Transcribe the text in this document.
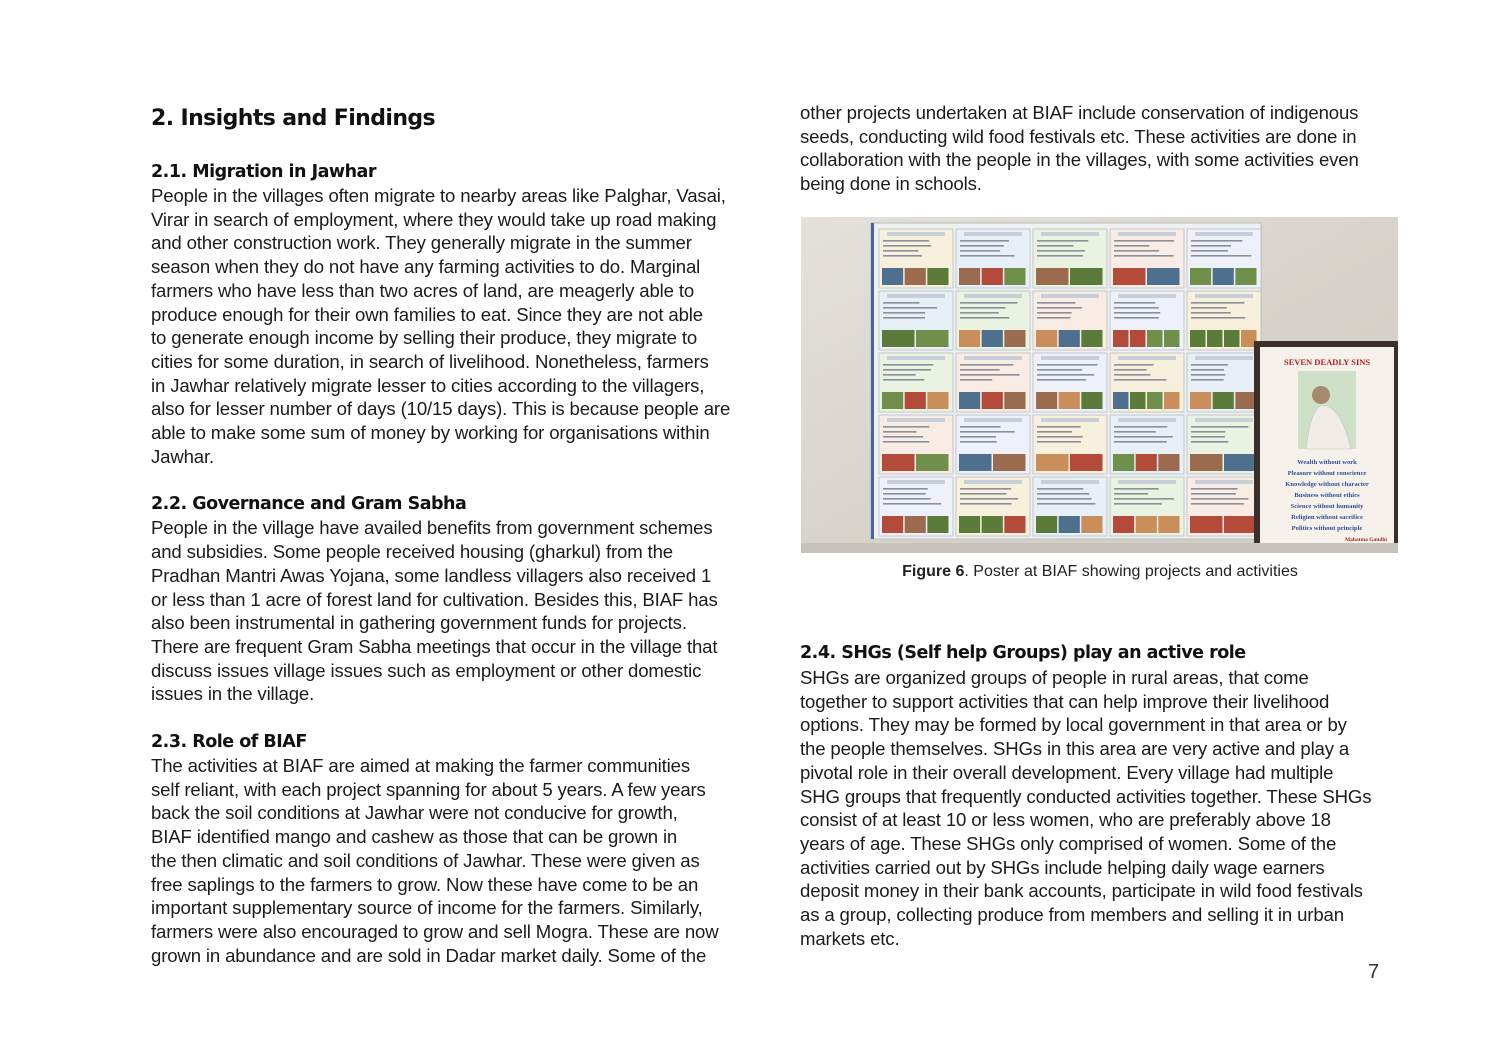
2. Insights and Findings
2.1. Migration in Jawhar

People in the villages often migrate to nearby areas like Palghar, Vasai,
Virar in search of employment, where they would take up road making
and other construction work. They generally migrate in the summer
season when they do not have any farming activities to do. Marginal
farmers who have less than two acres of land, are meagerly able to
produce enough for their own families to eat. Since they are not able
to generate enough income by selling their produce, they migrate to
cities for some duration, in search of livelihood. Nonetheless, farmers
in Jawhar relatively migrate lesser to cities according to the villagers,
also for lesser number of days (10/15 days). This is because people are
able to make some sum of money by working for organisations within
Jawhar.

2.2. Governance and Gram Sabha

People in the village have availed benefits from government schemes
and subsidies. Some people received housing (gharkul) from the
Pradhan Mantri Awas Yojana, some landless villagers also received 1
or less than 1 acre of forest land for cultivation. Besides this, BIAF has
also been instrumental in gathering government funds for projects.
There are frequent Gram Sabha meetings that occur in the village that
discuss issues village issues such as employment or other domestic
issues in the village.

2.3. Role of BIAF

The activities at BIAF are aimed at making the farmer communities
self reliant, with each project spanning for about 5 years. A few years
back the soil conditions at Jawhar were not conducive for growth,
BIAF identified mango and cashew as those that can be grown in
the then climatic and soil conditions of Jawhar. These were given as
free saplings to the farmers to grow. Now these have come to be an
important supplementary source of income for the farmers. Similarly,
farmers were also encouraged to grow and sell Mogra. These are now
grown in abundance and are sold in Dadar market daily. Some of the

other projects undertaken at BIAF include conservation of indigenous
seeds, conducting wild food festivals etc. These activities are done in
collaboration with the people in the villages, with some activities even
being done in schools.

SEVEN DEADLY SINS
Wealth without work
Pleasure without conscience
Knowledge without character
Business without ethics
Science without humanity
Religion without sacrifice
Politics without principle
Mahatma Gandhi
Figure 6. Poster at BIAF showing projects and activities
2.4. SHGs (Self help Groups) play an active role

SHGs are organized groups of people in rural areas, that come
together to support activities that can help improve their livelihood
options. They may be formed by local government in that area or by
the people themselves. SHGs in this area are very active and play a
pivotal role in their overall development. Every village had multiple
SHG groups that frequently conducted activities together. These SHGs
consist of at least 10 or less women, who are preferably above 18
years of age. These SHGs only comprised of women. Some of the
activities carried out by SHGs include helping daily wage earners
deposit money in their bank accounts, participate in wild food festivals
as a group, collecting produce from members and selling it in urban
markets etc.

7
